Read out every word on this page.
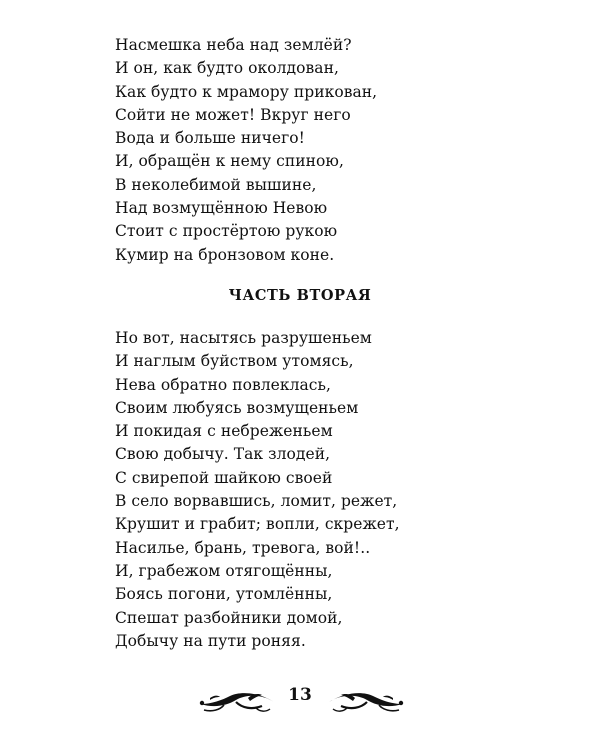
Насмешка неба над землёй?
И он, как будто околдован,
Как будто к мрамору прикован,
Сойти не может! Вкруг него
Вода и больше ничего!
И, обращён к нему спиною,
В неколебимой вышине,
Над возмущённою Невою
Стоит с простёртою рукою
Кумир на бронзовом коне.
ЧАСТЬ ВТОРАЯ
Но вот, насытясь разрушеньем
И наглым буйством утомясь,
Нева обратно повлеклась,
Своим любуясь возмущеньем
И покидая с небреженьем
Свою добычу. Так злодей,
С свирепой шайкою своей
В село ворвавшись, ломит, режет,
Крушит и грабит; вопли, скрежет,
Насилье, брань, тревога, вой!..
И, грабежом отягощённы,
Боясь погони, утомлённы,
Спешат разбойники домой,
Добычу на пути роняя.
13
